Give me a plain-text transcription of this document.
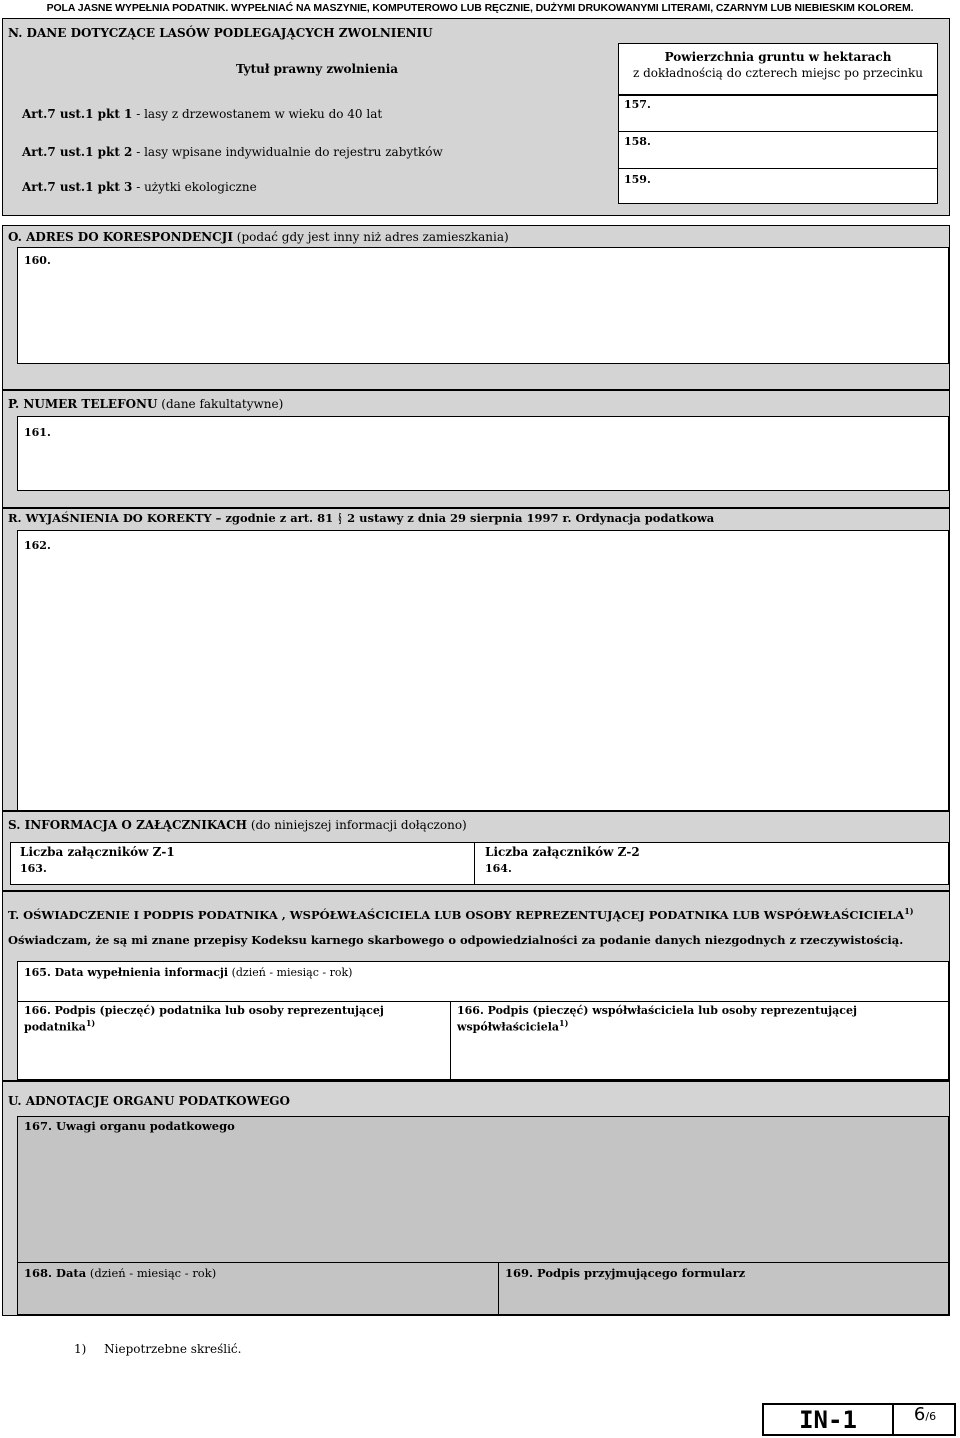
POLA JASNE WYPEŁNIA PODATNIK. WYPEŁNIAĆ NA MASZYNIE, KOMPUTEROWO LUB RĘCZNIE, DUŻYMI DRUKOWANYMI LITERAMI, CZARNYM LUB NIEBIESKIM KOLOREM.
N. DANE DOTYCZĄCE LASÓW PODLEGAJĄCYCH ZWOLNIENIU
Tytuł prawny zwolnienia
Powierzchnia gruntu w hektarach
z dokładnością do czterech miejsc po przecinku
Art.7 ust.1 pkt 1 - lasy z drzewostanem w wieku do 40 lat
Art.7 ust.1 pkt 2 - lasy wpisane indywidualnie do rejestru zabytków
Art.7 ust.1 pkt 3 - użytki ekologiczne
157.
158.
159.
O. ADRES DO KORESPONDENCJI (podać gdy jest inny niż adres zamieszkania)
160.
P. NUMER TELEFONU (dane fakultatywne)
161.
R. WYJAŚNIENIA DO KOREKTY – zgodnie z art. 81 § 2 ustawy z dnia 29 sierpnia 1997 r. Ordynacja podatkowa
162.
S. INFORMACJA O ZAŁĄCZNIKACH (do niniejszej informacji dołączono)
Liczba załączników Z-1
163.
Liczba załączników Z-2
164.
T. OŚWIADCZENIE I PODPIS PODATNIKA , WSPÓŁWŁAŚCICIELA LUB OSOBY REPREZENTUJĄCEJ PODATNIKA LUB WSPÓŁWŁAŚCICIELA$^{1)}$
Oświadczam, że są mi znane przepisy Kodeksu karnego skarbowego o odpowiedzialności za podanie danych niezgodnych z rzeczywistością.
165. Data wypełnienia informacji (dzień - miesiąc - rok)
166. Podpis (pieczęć) podatnika lub osoby reprezentującej
podatnika$^{1)}$
166. Podpis (pieczęć) współwłaściciela lub osoby reprezentującej
współwłaściciela$^{1)}$
U. ADNOTACJE ORGANU PODATKOWEGO
167. Uwagi organu podatkowego
168. Data (dzień - miesiąc - rok)	169. Podpis przyjmującego formularz
1) Niepotrzebne skreślić.
IN-1	6/6
